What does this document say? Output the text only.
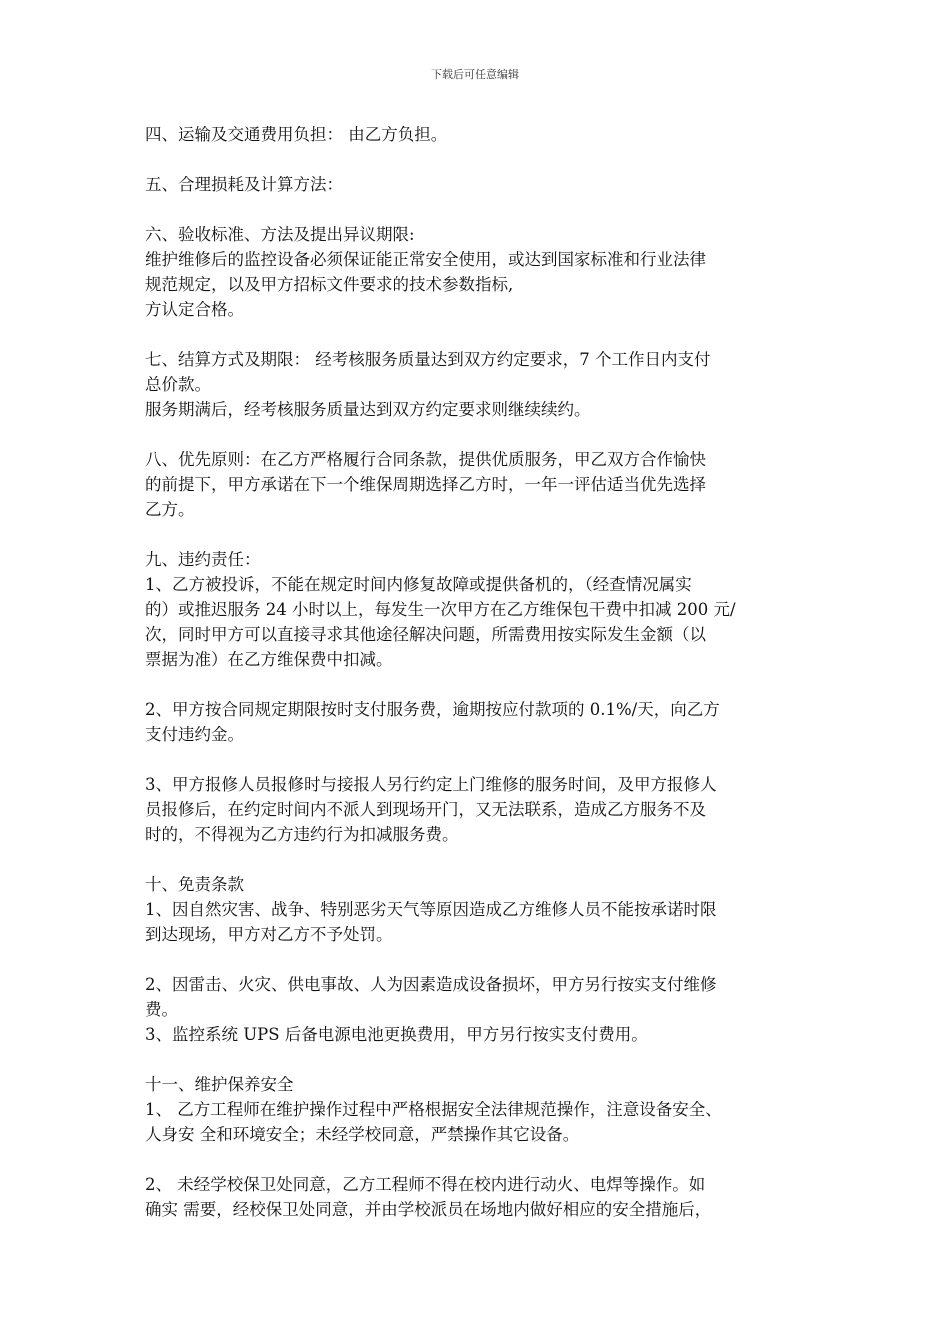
下载后可任意编辑
四、运输及交通费用负担： 由乙方负担。
五、合理损耗及计算方法：
六、验收标准、方法及提出异议期限:
维护维修后的监控设备必须保证能正常安全使用，或达到国家标准和行业法律
规范规定，以及甲方招标文件要求的技术参数指标,
方认定合格。
七、结算方式及期限： 经考核服务质量达到双方约定要求，7 个工作日内支付
总价款。
服务期满后，经考核服务质量达到双方约定要求则继续续约。
八、优先原则：在乙方严格履行合同条款，提供优质服务，甲乙双方合作愉快
的前提下，甲方承诺在下一个维保周期选择乙方时，一年一评估适当优先选择
乙方。
九、违约责任：
1、乙方被投诉，不能在规定时间内修复故障或提供备机的，（经查情况属实
的）或推迟服务 24 小时以上，每发生一次甲方在乙方维保包干费中扣减 200 元/
次，同时甲方可以直接寻求其他途径解决问题，所需费用按实际发生金额（以
票据为准）在乙方维保费中扣减。
2、甲方按合同规定期限按时支付服务费，逾期按应付款项的 0.1%/天，向乙方
支付违约金。
3、甲方报修人员报修时与接报人另行约定上门维修的服务时间，及甲方报修人
员报修后，在约定时间内不派人到现场开门，又无法联系，造成乙方服务不及
时的，不得视为乙方违约行为扣减服务费。
十、免责条款
1、因自然灾害、战争、特别恶劣天气等原因造成乙方维修人员不能按承诺时限
到达现场，甲方对乙方不予处罚。
2、因雷击、火灾、供电事故、人为因素造成设备损坏，甲方另行按实支付维修
费。
3、监控系统 UPS 后备电源电池更换费用，甲方另行按实支付费用。
十一、维护保养安全
1、 乙方工程师在维护操作过程中严格根据安全法律规范操作，注意设备安全、
人身安 全和环境安全；未经学校同意，严禁操作其它设备。
2、 未经学校保卫处同意，乙方工程师不得在校内进行动火、电焊等操作。如
确实 需要，经校保卫处同意，并由学校派员在场地内做好相应的安全措施后，
